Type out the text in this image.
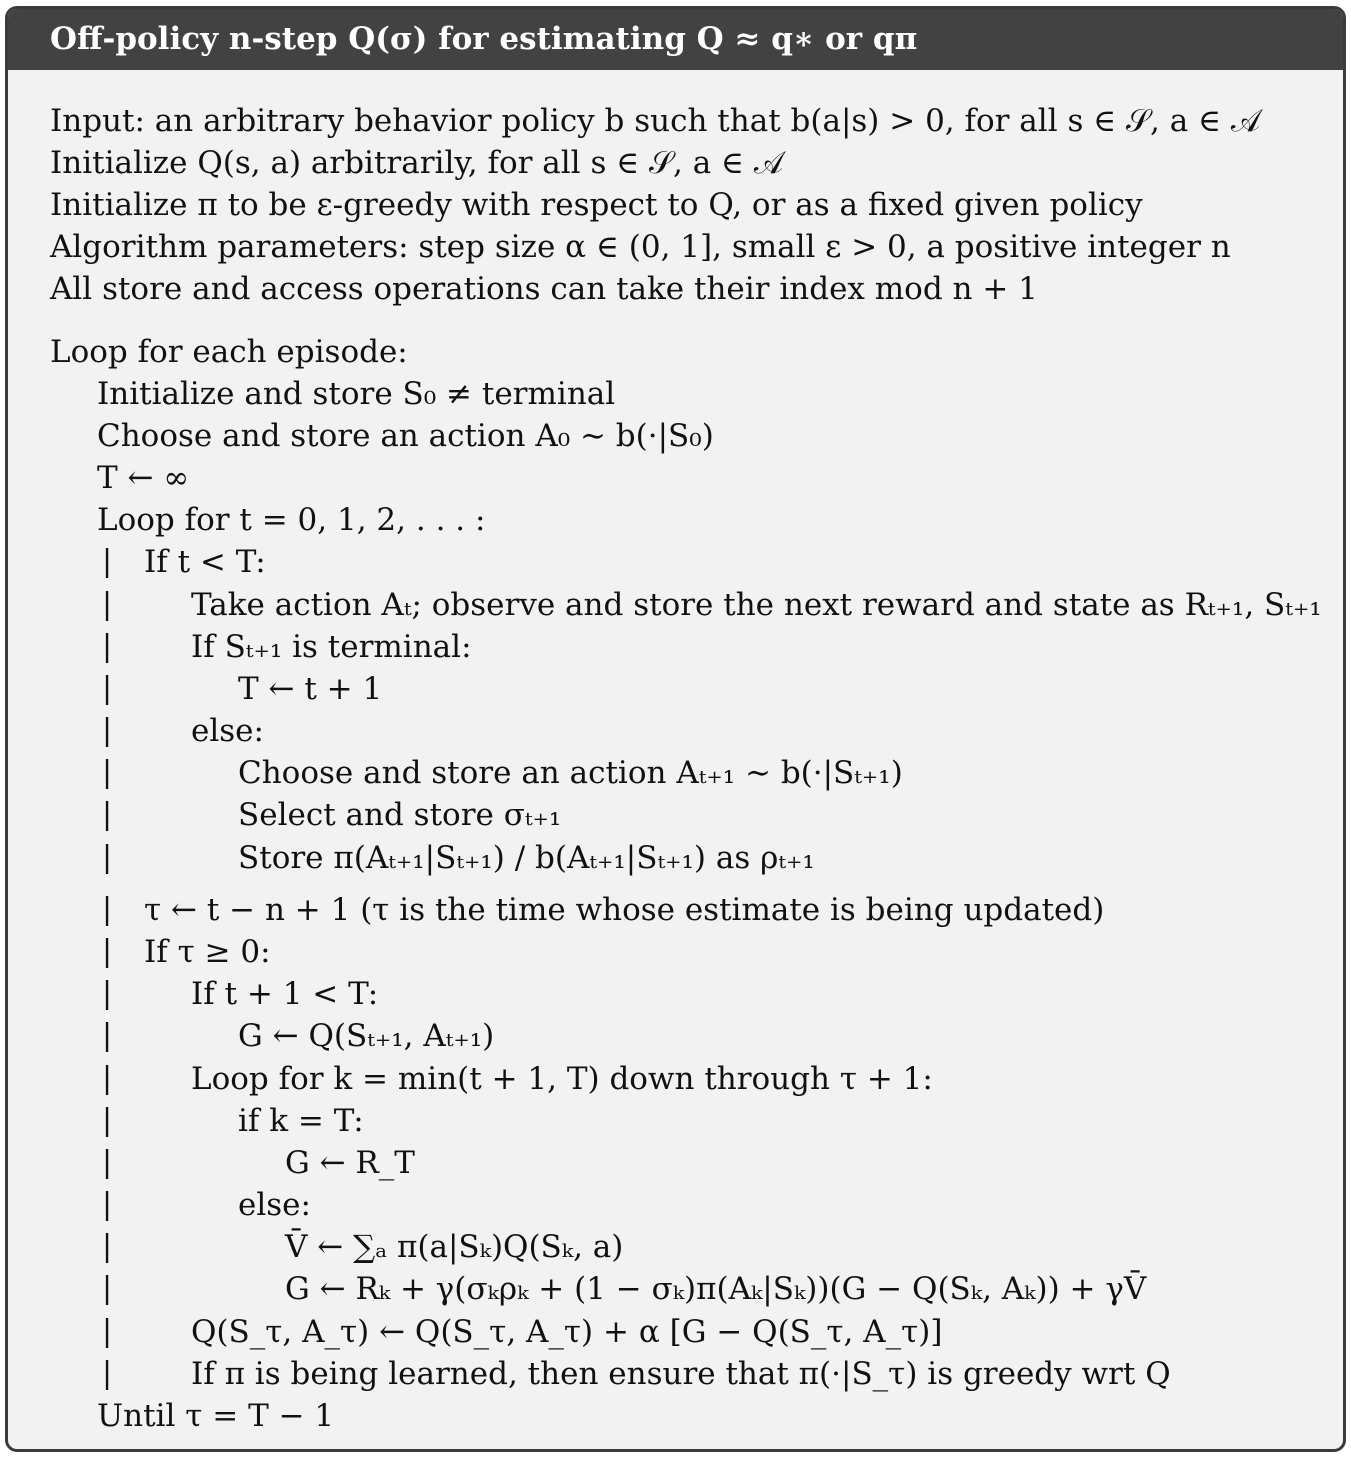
Off-policy n-step Q(σ) for estimating Q ≈ q∗ or qπ
Input: an arbitrary behavior policy b such that b(a|s) > 0, for all s ∈ 𝒮, a ∈ 𝒜
Initialize Q(s, a) arbitrarily, for all s ∈ 𝒮, a ∈ 𝒜
Initialize π to be ε-greedy with respect to Q, or as a fixed given policy
Algorithm parameters: step size α ∈ (0, 1], small ε > 0, a positive integer n
All store and access operations can take their index mod n + 1
Loop for each episode:
Initialize and store S₀ ≠ terminal
Choose and store an action A₀ ∼ b(·|S₀)
T ← ∞
Loop for t = 0, 1, 2, . . . :
| If t < T:
|	Take action Aₜ; observe and store the next reward and state as Rₜ₊₁, Sₜ₊₁
|	If Sₜ₊₁ is terminal:
|	T ← t + 1
|	else:
|	Choose and store an action Aₜ₊₁ ∼ b(·|Sₜ₊₁)
|	Select and store σₜ₊₁
|	Store π(Aₜ₊₁|Sₜ₊₁) / b(Aₜ₊₁|Sₜ₊₁) as ρₜ₊₁
| τ ← t − n + 1 (τ is the time whose estimate is being updated)
| If τ ≥ 0:
|	If t + 1 < T:
|	G ← Q(Sₜ₊₁, Aₜ₊₁)
|	Loop for k = min(t + 1, T) down through τ + 1:
|	if k = T:
|	G ← R_T
|	else:
|	V̄ ← ∑ₐ π(a|Sₖ)Q(Sₖ, a)
|	G ← Rₖ + γ(σₖρₖ + (1 − σₖ)π(Aₖ|Sₖ))(G − Q(Sₖ, Aₖ)) + γV̄
|	Q(S_τ, A_τ) ← Q(S_τ, A_τ) + α [G − Q(S_τ, A_τ)]
|	If π is being learned, then ensure that π(·|S_τ) is greedy wrt Q
Until τ = T − 1
